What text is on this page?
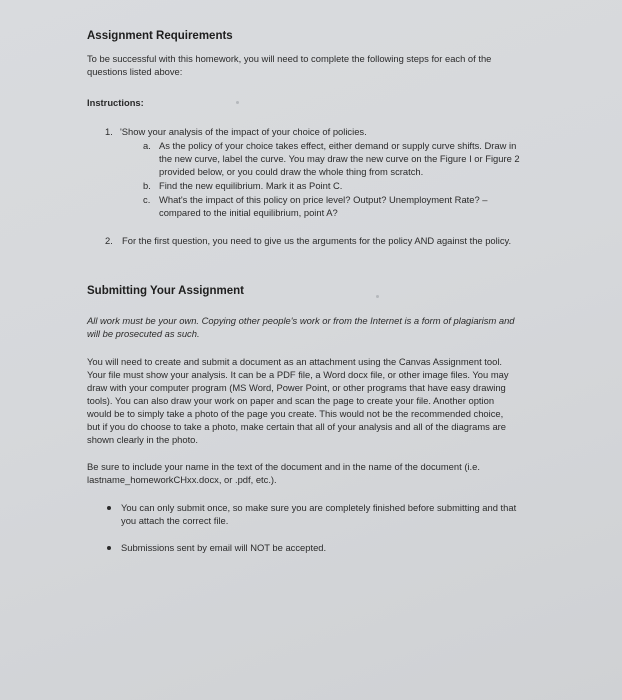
Assignment Requirements
To be successful with this homework, you will need to complete the following steps for each of the
questions listed above:
Instructions:
1. 'Show your analysis of the impact of your choice of policies.
a. As the policy of your choice takes effect, either demand or supply curve shifts. Draw in
the new curve, label the curve. You may draw the new curve on the Figure I or Figure 2
provided below, or you could draw the whole thing from scratch.
b. Find the new equilibrium. Mark it as Point C.
c. What's the impact of this policy on price level? Output? Unemployment Rate? –
compared to the initial equilibrium, point A?
2. For the first question, you need to give us the arguments for the policy AND against the policy.
Submitting Your Assignment
All work must be your own. Copying other people's work or from the Internet is a form of plagiarism and
will be prosecuted as such.
You will need to create and submit a document as an attachment using the Canvas Assignment tool.
Your file must show your analysis. It can be a PDF file, a Word docx file, or other image files. You may
draw with your computer program (MS Word, Power Point, or other programs that have easy drawing
tools). You can also draw your work on paper and scan the page to create your file. Another option
would be to simply take a photo of the page you create. This would not be the recommended choice,
but if you do choose to take a photo, make certain that all of your analysis and all of the diagrams are
shown clearly in the photo.
Be sure to include your name in the text of the document and in the name of the document (i.e.
lastname_homeworkCHxx.docx, or .pdf, etc.).
You can only submit once, so make sure you are completely finished before submitting and that
you attach the correct file.
Submissions sent by email will NOT be accepted.
